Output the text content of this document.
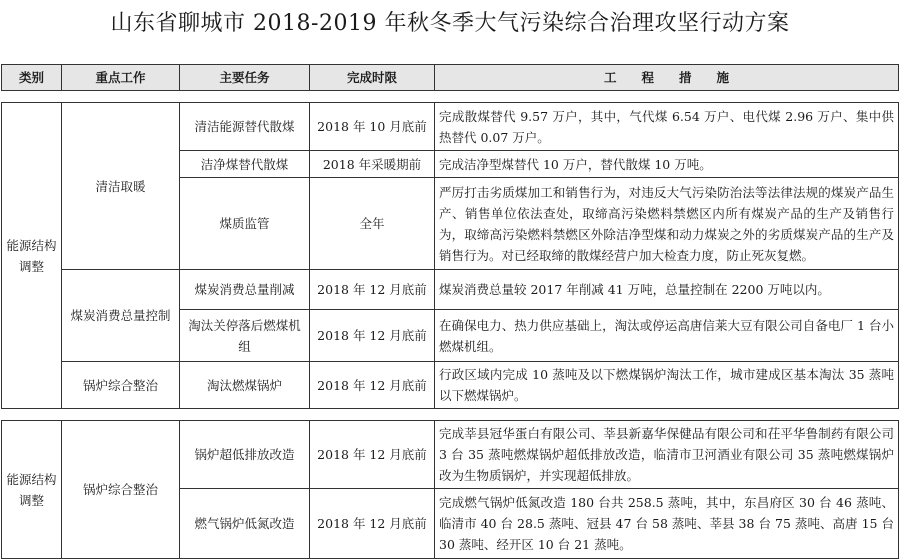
山东省聊城市 2018-2019 年秋冬季大气污染综合治理攻坚行动方案
类别	重点工作	主要任务	完成时限	工　　程　　措　　施

能源结构调整	清洁取暖	清洁能源替代散煤	2018 年 10 月底前	完成散煤替代 9.57 万户，其中，气代煤 6.54 万户、电代煤 2.96 万户、集中供热替代 0.07 万户。
		洁净煤替代散煤	2018 年采暖期前	完成洁净型煤替代 10 万户，替代散煤 10 万吨。
		煤质监管	全年	严厉打击劣质煤加工和销售行为，对违反大气污染防治法等法律法规的煤炭产品生产、销售单位依法查处，取缔高污染燃料禁燃区内所有煤炭产品的生产及销售行为，取缔高污染燃料禁燃区外除洁净型煤和动力煤炭之外的劣质煤炭产品的生产及销售行为。对已经取缔的散煤经营户加大检查力度，防止死灰复燃。
	煤炭消费总量控制	煤炭消费总量削减	2018 年 12 月底前	煤炭消费总量较 2017 年削减 41 万吨，总量控制在 2200 万吨以内。
		淘汰关停落后燃煤机组	2018 年 12 月底前	在确保电力、热力供应基础上，淘汰或停运高唐信莱大豆有限公司自备电厂 1 台小燃煤机组。
	锅炉综合整治	淘汰燃煤锅炉	2018 年 12 月底前	行政区域内完成 10 蒸吨及以下燃煤锅炉淘汰工作，城市建成区基本淘汰 35 蒸吨以下燃煤锅炉。

能源结构调整	锅炉综合整治	锅炉超低排放改造	2018 年 12 月底前	完成莘县冠华蛋白有限公司、莘县新嘉华保健品有限公司和茌平华鲁制药有限公司 3 台 35 蒸吨燃煤锅炉超低排放改造，临清市卫河酒业有限公司 35 蒸吨燃煤锅炉改为生物质锅炉，并实现超低排放。
		燃气锅炉低氮改造	2018 年 12 月底前	完成燃气锅炉低氮改造 180 台共 258.5 蒸吨，其中，东昌府区 30 台 46 蒸吨、临清市 40 台 28.5 蒸吨、冠县 47 台 58 蒸吨、莘县 38 台 75 蒸吨、高唐 15 台 30 蒸吨、经开区 10 台 21 蒸吨。
